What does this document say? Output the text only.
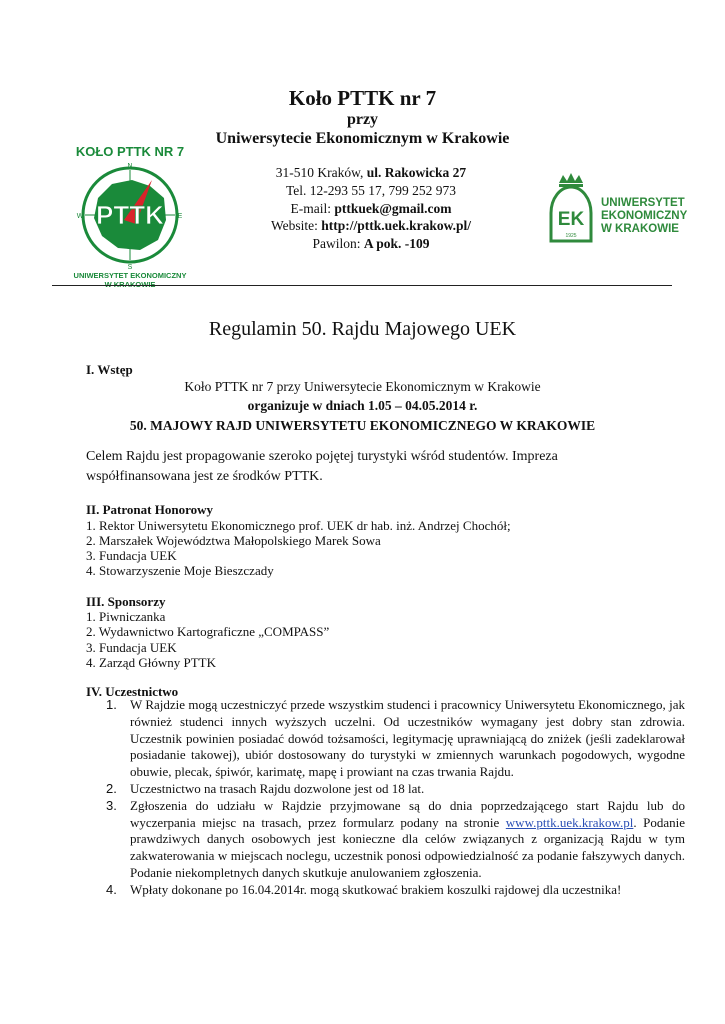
Koło PTTK nr 7
przy
Uniwersytecie Ekonomicznym w Krakowie
31-510 Kraków, ul. Rakowicka 27
Tel. 12-293 55 17, 799 252 973
E-mail: pttkuek@gmail.com
Website: http://pttk.uek.krakow.pl/
Pawilon: A pok. -109
KOŁO PTTK NR 7
PTTK
N
E
S
W
UNIWERSYTET EKONOMICZNY
W KRAKOWIE
EK
1925
UNIWERSYTET
EKONOMICZNY
W KRAKOWIE
Regulamin 50. Rajdu Majowego UEK
I. Wstęp
Koło PTTK nr 7 przy Uniwersytecie Ekonomicznym w Krakowie
organizuje w dniach 1.05 – 04.05.2014 r.
50. MAJOWY RAJD UNIWERSYTETU EKONOMICZNEGO W KRAKOWIE
Celem Rajdu jest propagowanie szeroko pojętej turystyki wśród studentów. Impreza współfinansowana jest ze środków PTTK.
II. Patronat Honorowy
1. Rektor Uniwersytetu Ekonomicznego prof. UEK dr hab. inż. Andrzej Chochół;
2. Marszałek Województwa Małopolskiego Marek Sowa
3. Fundacja UEK
4. Stowarzyszenie Moje Bieszczady
III. Sponsorzy
1. Piwniczanka
2. Wydawnictwo Kartograficzne „COMPASS”
3. Fundacja UEK
4. Zarząd Główny PTTK
IV. Uczestnictwo
1. W Rajdzie mogą uczestniczyć przede wszystkim studenci i pracownicy Uniwersytetu Ekonomicznego, jak również studenci innych wyższych uczelni. Od uczestników wymagany jest dobry stan zdrowia. Uczestnik powinien posiadać dowód tożsamości, legitymację uprawniającą do zniżek (jeśli zadeklarował posiadanie takowej), ubiór dostosowany do turystyki w zmiennych warunkach pogodowych, wygodne obuwie, plecak, śpiwór, karimatę, mapę i prowiant na czas trwania Rajdu.
2. Uczestnictwo na trasach Rajdu dozwolone jest od 18 lat.
3. Zgłoszenia do udziału w Rajdzie przyjmowane są do dnia poprzedzającego start Rajdu lub do wyczerpania miejsc na trasach, przez formularz podany na stronie www.pttk.uek.krakow.pl. Podanie prawdziwych danych osobowych jest konieczne dla celów związanych z organizacją Rajdu w tym zakwaterowania w miejscach noclegu, uczestnik ponosi odpowiedzialność za podanie fałszywych danych. Podanie niekompletnych danych skutkuje anulowaniem zgłoszenia.
4. Wpłaty dokonane po 16.04.2014r. mogą skutkować brakiem koszulki rajdowej dla uczestnika!
